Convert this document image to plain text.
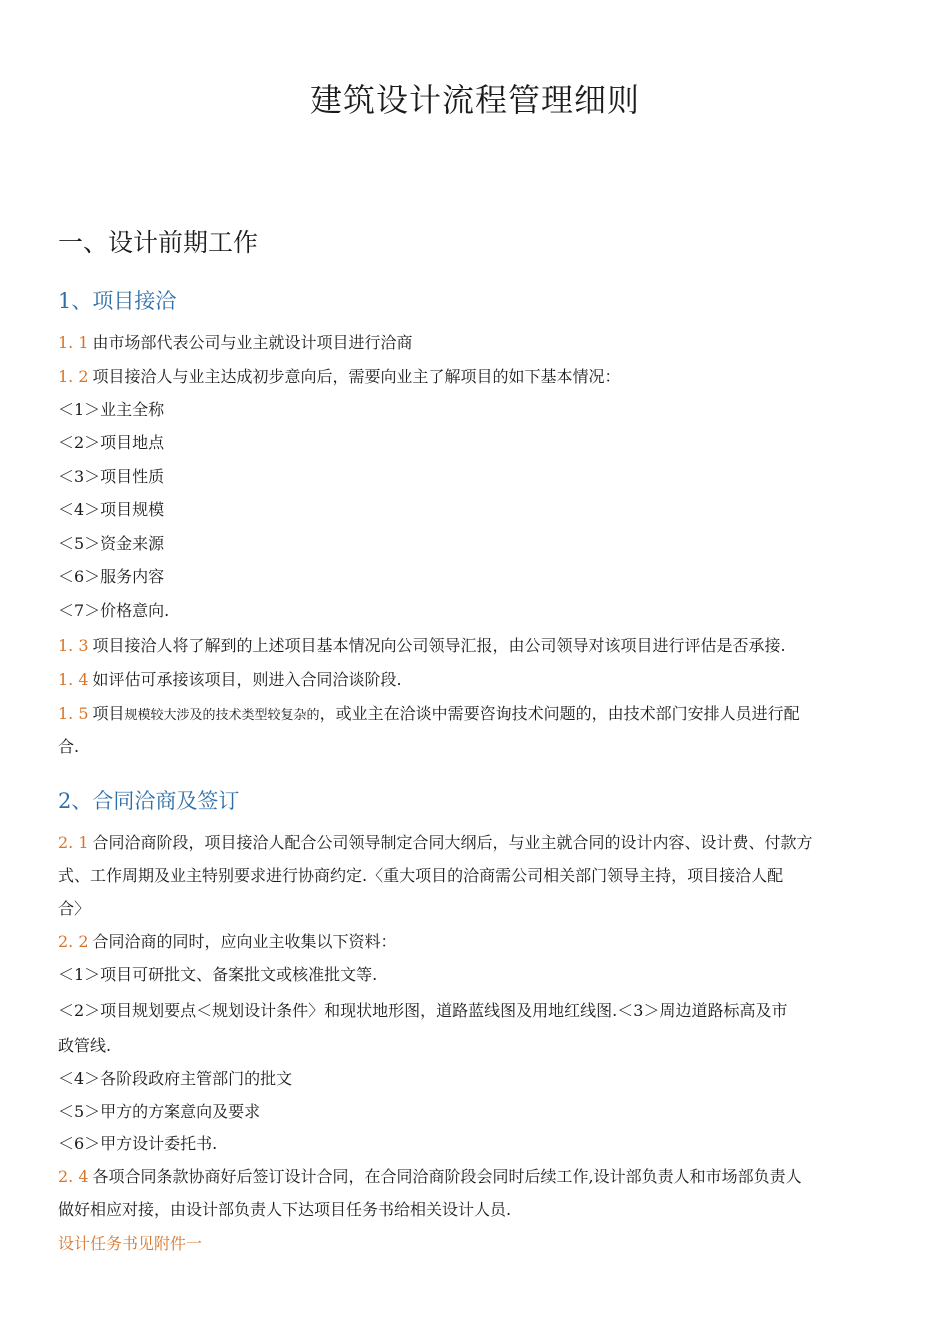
建筑设计流程管理细则
一、设计前期工作
1、项目接洽
1. 1 由市场部代表公司与业主就设计项目进行洽商
1. 2 项目接洽人与业主达成初步意向后，需要向业主了解项目的如下基本情况：
＜1＞业主全称
＜2＞项目地点
＜3＞项目性质
＜4＞项目规模
＜5＞资金来源
＜6＞服务内容
＜7＞价格意向.
1. 3 项目接洽人将了解到的上述项目基本情况向公司领导汇报，由公司领导对该项目进行评估是否承接.
1. 4 如评估可承接该项目，则进入合同洽谈阶段.
1. 5 项目规模较大涉及的技术类型较复杂的，或业主在洽谈中需要咨询技术问题的，由技术部门安排人员进行配
合.
2、合同洽商及签订
2. 1 合同洽商阶段，项目接洽人配合公司领导制定合同大纲后，与业主就合同的设计内容、设计费、付款方
式、工作周期及业主特别要求进行协商约定.〈重大项目的洽商需公司相关部门领导主持，项目接洽人配
合〉
2. 2 合同洽商的同时，应向业主收集以下资料：
＜1＞项目可研批文、备案批文或核准批文等.
＜2＞项目规划要点＜规划设计条件〉和现状地形图，道路蓝线图及用地红线图.＜3＞周边道路标高及市
政管线.
＜4＞各阶段政府主管部门的批文
＜5＞甲方的方案意向及要求
＜6＞甲方设计委托书.
2. 4 各项合同条款协商好后签订设计合同，在合同洽商阶段会同时后续工作,设计部负责人和市场部负责人
做好相应对接，由设计部负责人下达项目任务书给相关设计人员.
设计任务书见附件一
